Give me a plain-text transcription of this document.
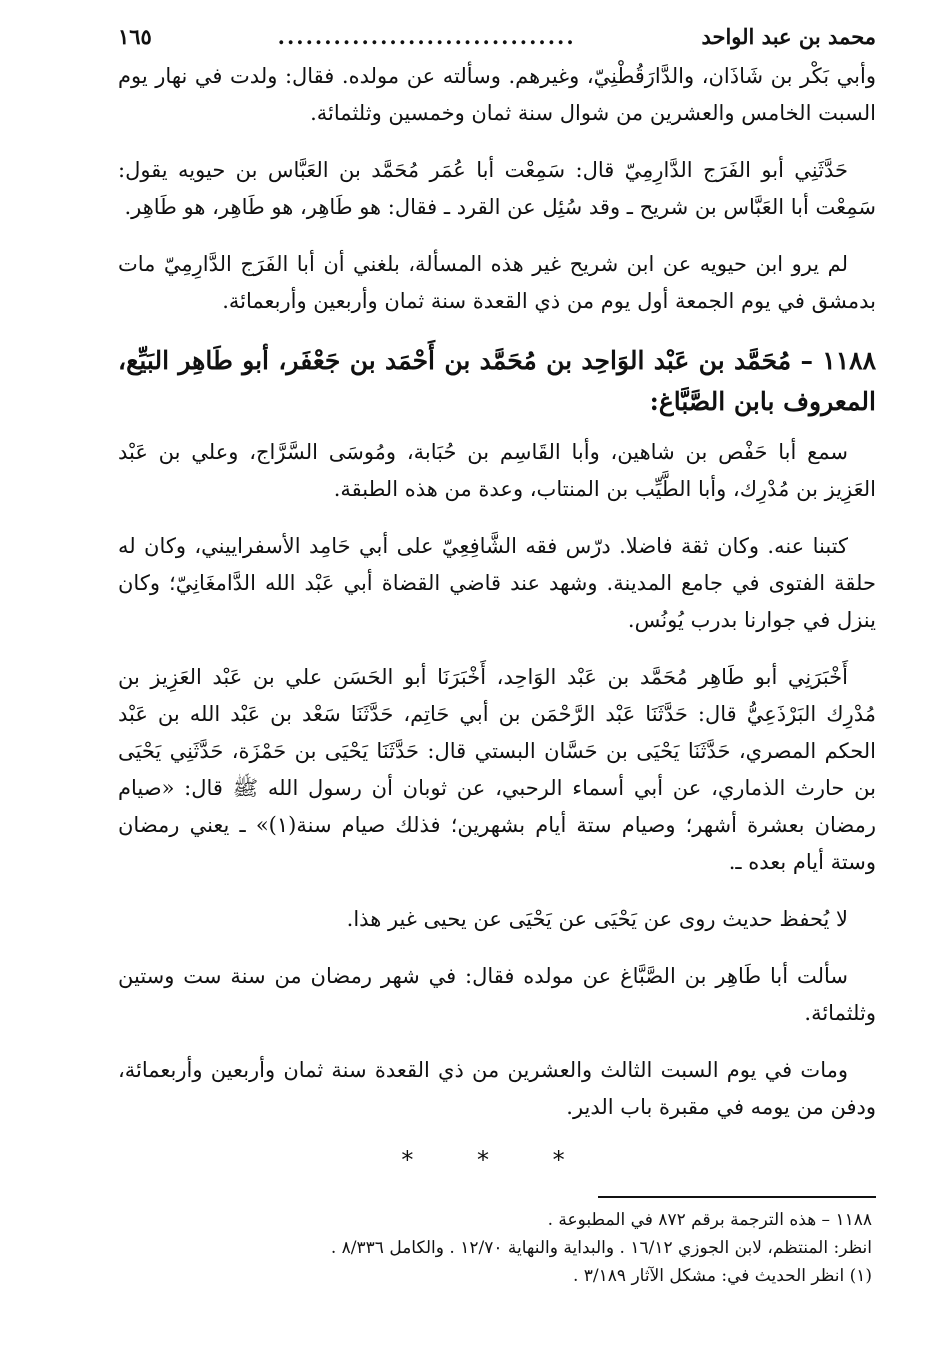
محمد بن عبد الواحد
................................
١٦٥

وأبي بَكْر بن شَاذَان، والدَّارَقُطْنِيّ، وغيرهم. وسألته عن مولده. فقال: ولدت في نهار يوم السبت الخامس والعشرين من شوال سنة ثمان وخمسين وثلثمائة.

حَدَّثَنِي أبو الفَرَج الدَّارِمِيّ قال: سَمِعْت أبا عُمَر مُحَمَّد بن العَبَّاس بن حيويه يقول: سَمِعْت أبا العَبَّاس بن شريح ـ وقد سُئِل عن القرد ـ فقال: هو طَاهِر، هو طَاهِر، هو طَاهِر.

لم يرو ابن حيويه عن ابن شريح غير هذه المسألة، بلغني أن أبا الفَرَج الدَّارِمِيّ مات بدمشق في يوم الجمعة أول يوم من ذي القعدة سنة ثمان وأربعين وأربعمائة.

١١٨٨ – مُحَمَّد بن عَبْد الوَاحِد بن مُحَمَّد بن أَحْمَد بن جَعْفَر، أبو طَاهِر البَيِّع، المعروف بابن الصَّبَّاغ:

سمع أبا حَفْص بن شاهين، وأبا القَاسِم بن حُبَابة، ومُوسَى السَّرَّاج، وعلي بن عَبْد العَزِيز بن مُدْرِك، وأبا الطَّيِّب بن المنتاب، وعدة من هذه الطبقة.

كتبنا عنه. وكان ثقة فاضلا. درّس فقه الشَّافِعِيّ على أبي حَامِد الأسفراييني، وكان له حلقة الفتوى في جامع المدينة. وشهد عند قاضي القضاة أبي عَبْد الله الدَّامغَانِيّ؛ وكان ينزل في جوارنا بدرب يُونُس.

أَخْبَرَنِي أبو طَاهِر مُحَمَّد بن عَبْد الوَاحِد، أَخْبَرَنَا أبو الحَسَن علي بن عَبْد العَزِيز بن مُدْرِك البَرْذَعِيُّ قال: حَدَّثَنَا عَبْد الرَّحْمَن بن أبي حَاتِم، حَدَّثَنَا سَعْد بن عَبْد الله بن عَبْد الحكم المصري، حَدَّثَنَا يَحْيَى بن حَسَّان البستي قال: حَدَّثَنَا يَحْيَى بن حَمْزَة، حَدَّثَنِي يَحْيَى بن حارث الذماري، عن أبي أسماء الرحبي، عن ثوبان أن رسول الله ﷺ قال: «صيام رمضان بعشرة أشهر؛ وصيام ستة أيام بشهرين؛ فذلك صيام سنة(١)» ـ يعني رمضان وستة أيام بعده ـ.

لا يُحفظ حديث روى عن يَحْيَى عن يَحْيَى عن يحيى غير هذا.

سألت أبا طَاهِر بن الصَّبَّاغ عن مولده فقال: في شهر رمضان من سنة ست وستين وثلثمائة.

ومات في يوم السبت الثالث والعشرين من ذي القعدة سنة ثمان وأربعين وأربعمائة، ودفن من يومه في مقبرة باب الدير.

* * *

١١٨٨ – هذه الترجمة برقم ٨٧٢ في المطبوعة .

انظر: المنتظم، لابن الجوزي ١٦/١٢ . والبداية والنهاية ١٢/٧٠ . والكامل ٨/٣٣٦ .

(١) انظر الحديث في: مشكل الآثار ٣/١٨٩ .
